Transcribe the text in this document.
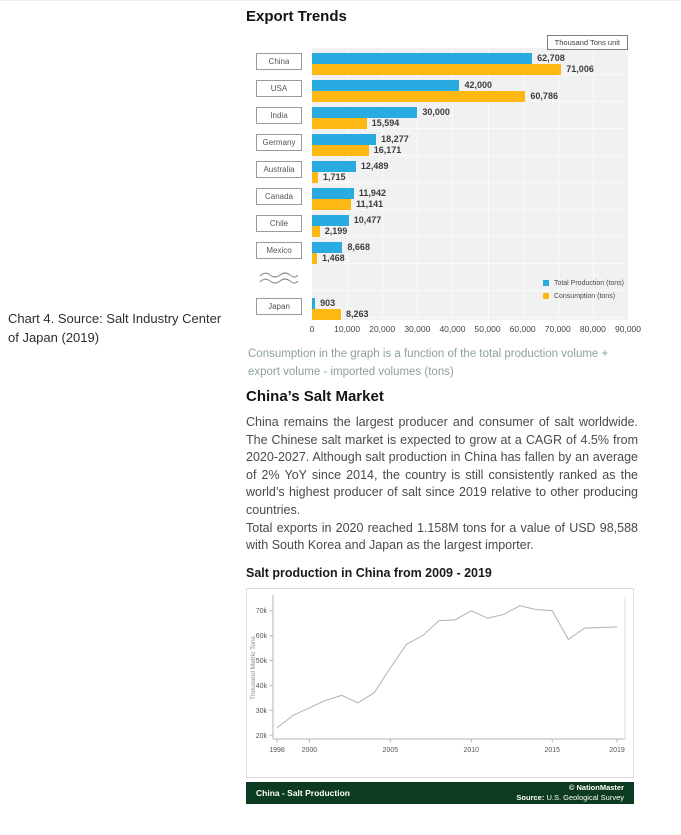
Chart 4. Source: Salt Industry Center of Japan (2019)
Export Trends
Thousand Tons unit
China	62,708
71,006
USA	42,000
60,786
India	30,000
15,594
Germany	18,277
16,171
Australia	12,489
1,715
Canada	11,942
11,141
Chile	10,477
2,199
Mexico	8,668
1,468
Total Production (tons)
Consumption (tons)
Japan	903
8,263
0 10,000 20,000 30,000 40,000 50,000 60,000 70,000 80,000 90,000
Consumption in the graph is a function of the total production volume + export volume - imported volumes (tons)
China’s Salt Market

China remains the largest producer and consumer of salt worldwide. The Chinese salt market is expected to grow at a CAGR of 4.5% from 2020-2027. Although salt production in China has fallen by an average of 2% YoY since 2014, the country is still consistently ranked as the world’s highest producer of salt since 2019 relative to other producing countries.

Total exports in 2020 reached 1.158M tons for a value of USD 98,588 with South Korea and Japan as the largest importer.

Salt production in China from 2009 - 2019
20k
30k
40k
50k
60k
70k
1998 2000	2005	2010	2015	2019
Thousand Metric Tons
China - Salt Production
© NationMaster
Source: U.S. Geological Survey
